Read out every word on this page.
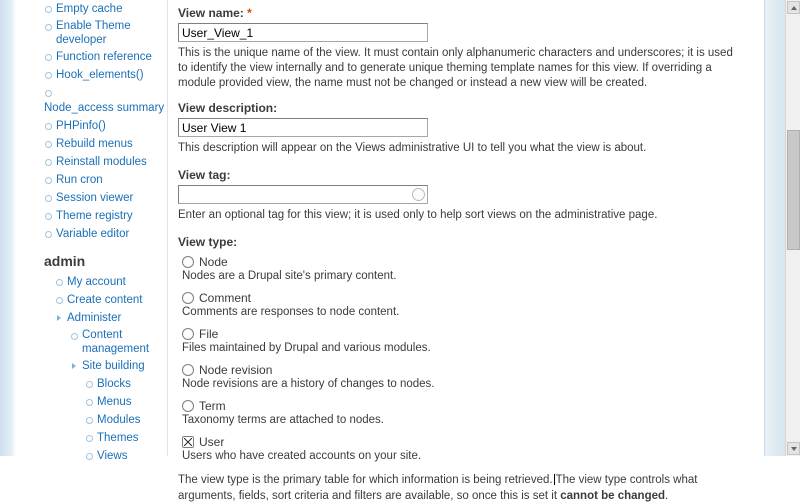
Empty cache
Enable Theme developer
Function reference
Hook_elements()
Node_access summary
PHPinfo()
Rebuild menus
Reinstall modules
Run cron
Session viewer
Theme registry
Variable editor
admin
My account
Create content
Administer
Content management
Site building
Blocks
Menus
Modules
Themes
Views
View name: *
User_View_1
This is the unique name of the view. It must contain only alphanumeric characters and underscores; it is used to identify the view internally and to generate unique theming template names for this view. If overriding a module provided view, the name must not be changed or instead a new view will be created.
View description:
User View 1
This description will appear on the Views administrative UI to tell you what the view is about.
View tag:
Enter an optional tag for this view; it is used only to help sort views on the administrative page.
View type:
Node
Nodes are a Drupal site's primary content.
Comment
Comments are responses to node content.
File
Files maintained by Drupal and various modules.
Node revision
Node revisions are a history of changes to nodes.
Term
Taxonomy terms are attached to nodes.
User
Users who have created accounts on your site.
The view type is the primary table for which information is being retrieved. The view type controls what arguments, fields, sort criteria and filters are available, so once this is set it cannot be changed.
